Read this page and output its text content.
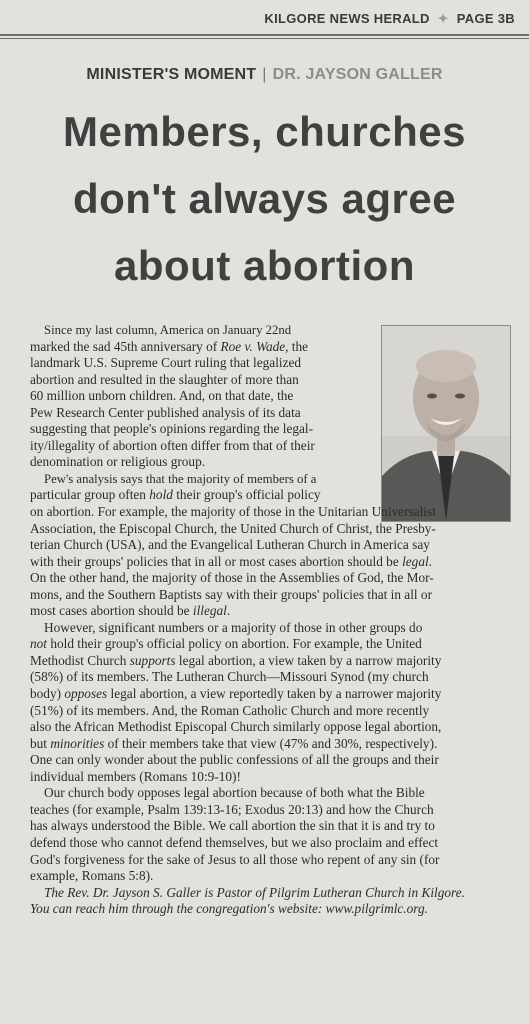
KILGORE NEWS HERALD ✦ PAGE 3B
MINISTER'S MOMENT | DR. JAYSON GALLER
Members, churches
don't always agree
about abortion
Since my last column, America on January 22nd
marked the sad 45th anniversary of Roe v. Wade, the
landmark U.S. Supreme Court ruling that legalized
abortion and resulted in the slaughter of more than
60 million unborn children. And, on that date, the
Pew Research Center published analysis of its data
suggesting that people's opinions regarding the legal-
ity/illegality of abortion often differ from that of their
denomination or religious group.
Pew's analysis says that the majority of members of a
particular group often hold their group's official policy
on abortion. For example, the majority of those in the Unitarian Universalist
Association, the Episcopal Church, the United Church of Christ, the Presby-
terian Church (USA), and the Evangelical Lutheran Church in America say
with their groups' policies that in all or most cases abortion should be legal.
On the other hand, the majority of those in the Assemblies of God, the Mor-
mons, and the Southern Baptists say with their groups' policies that in all or
most cases abortion should be illegal.
However, significant numbers or a majority of those in other groups do
not hold their group's official policy on abortion. For example, the United
Methodist Church supports legal abortion, a view taken by a narrow majority
(58%) of its members. The Lutheran Church—Missouri Synod (my church
body) opposes legal abortion, a view reportedly taken by a narrower majority
(51%) of its members. And, the Roman Catholic Church and more recently
also the African Methodist Episcopal Church similarly oppose legal abortion,
but minorities of their members take that view (47% and 30%, respectively).
One can only wonder about the public confessions of all the groups and their
individual members (Romans 10:9-10)!
Our church body opposes legal abortion because of both what the Bible
teaches (for example, Psalm 139:13-16; Exodus 20:13) and how the Church
has always understood the Bible. We call abortion the sin that it is and try to
defend those who cannot defend themselves, but we also proclaim and effect
God's forgiveness for the sake of Jesus to all those who repent of any sin (for
example, Romans 5:8).
The Rev. Dr. Jayson S. Galler is Pastor of Pilgrim Lutheran Church in Kilgore.
You can reach him through the congregation's website: www.pilgrimlc.org.
